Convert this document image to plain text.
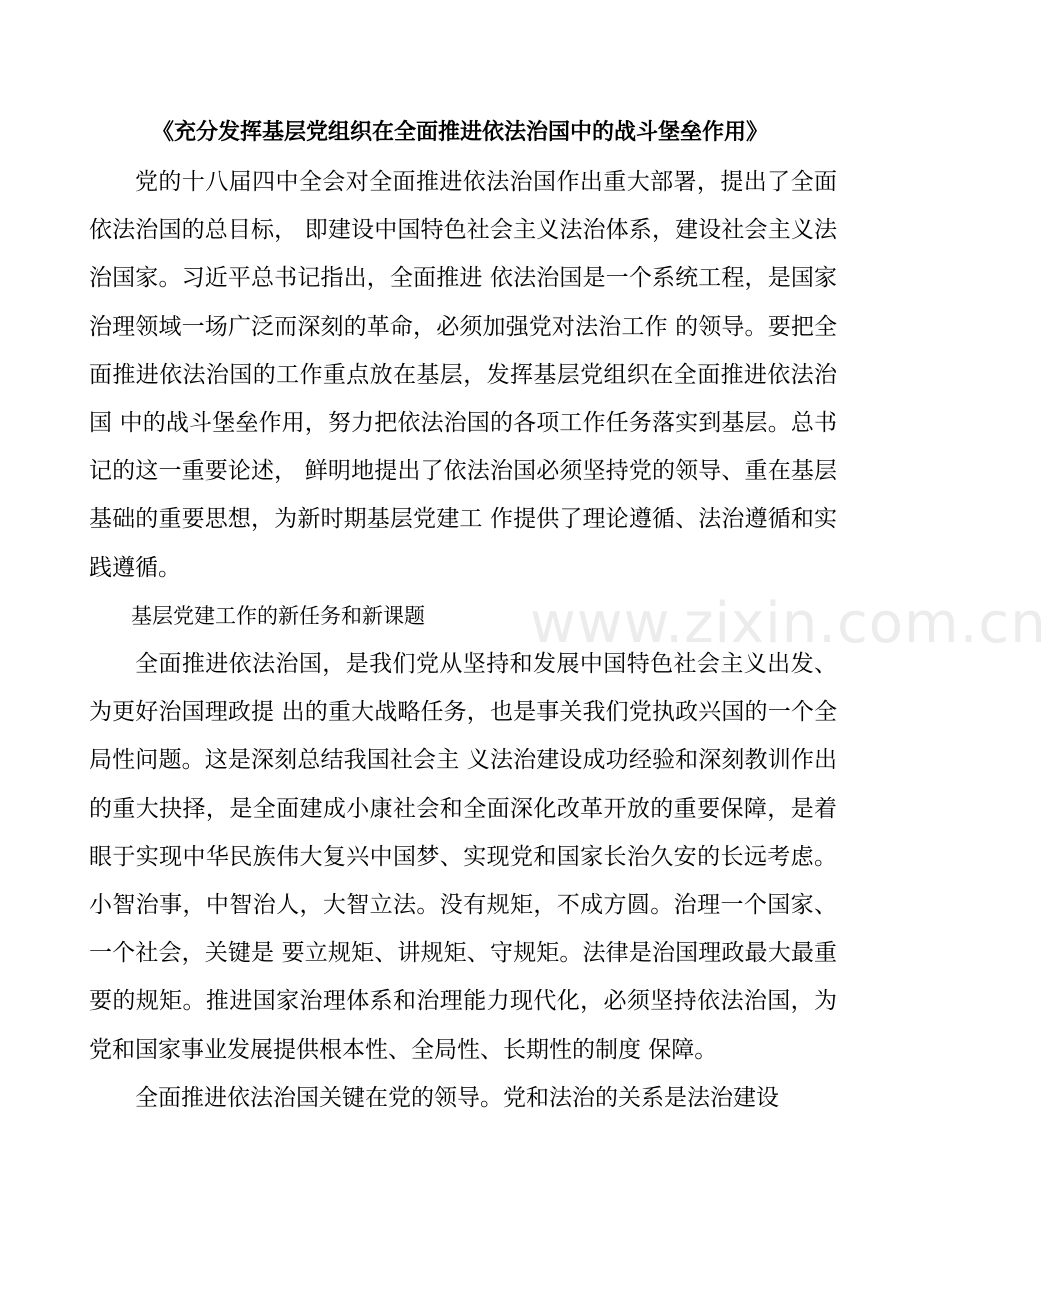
《充分发挥基层党组织在全面推进依法治国中的战斗堡垒作用》

党的十八届四中全会对全面推进依法治国作出重大部署，提出了全面依法治国的总目标， 即建设中国特色社会主义法治体系，建设社会主义法治国家。习近平总书记指出，全面推进 依法治国是一个系统工程，是国家治理领域一场广泛而深刻的革命，必须加强党对法治工作 的领导。要把全面推进依法治国的工作重点放在基层，发挥基层党组织在全面推进依法治国 中的战斗堡垒作用，努力把依法治国的各项工作任务落实到基层。总书记的这一重要论述， 鲜明地提出了依法治国必须坚持党的领导、重在基层基础的重要思想，为新时期基层党建工 作提供了理论遵循、法治遵循和实践遵循。

基层党建工作的新任务和新课题

全面推进依法治国，是我们党从坚持和发展中国特色社会主义出发、为更好治国理政提 出的重大战略任务，也是事关我们党执政兴国的一个全局性问题。这是深刻总结我国社会主 义法治建设成功经验和深刻教训作出的重大抉择，是全面建成小康社会和全面深化改革开放的重要保障，是着眼于实现中华民族伟大复兴中国梦、实现党和国家长治久安的长远考虑。 小智治事，中智治人，大智立法。没有规矩，不成方圆。治理一个国家、一个社会，关键是 要立规矩、讲规矩、守规矩。法律是治国理政最大最重要的规矩。推进国家治理体系和治理能力现代化，必须坚持依法治国，为党和国家事业发展提供根本性、全局性、长期性的制度 保障。

全面推进依法治国关键在党的领导。党和法治的关系是法治建设

www.zixin.com.cn
